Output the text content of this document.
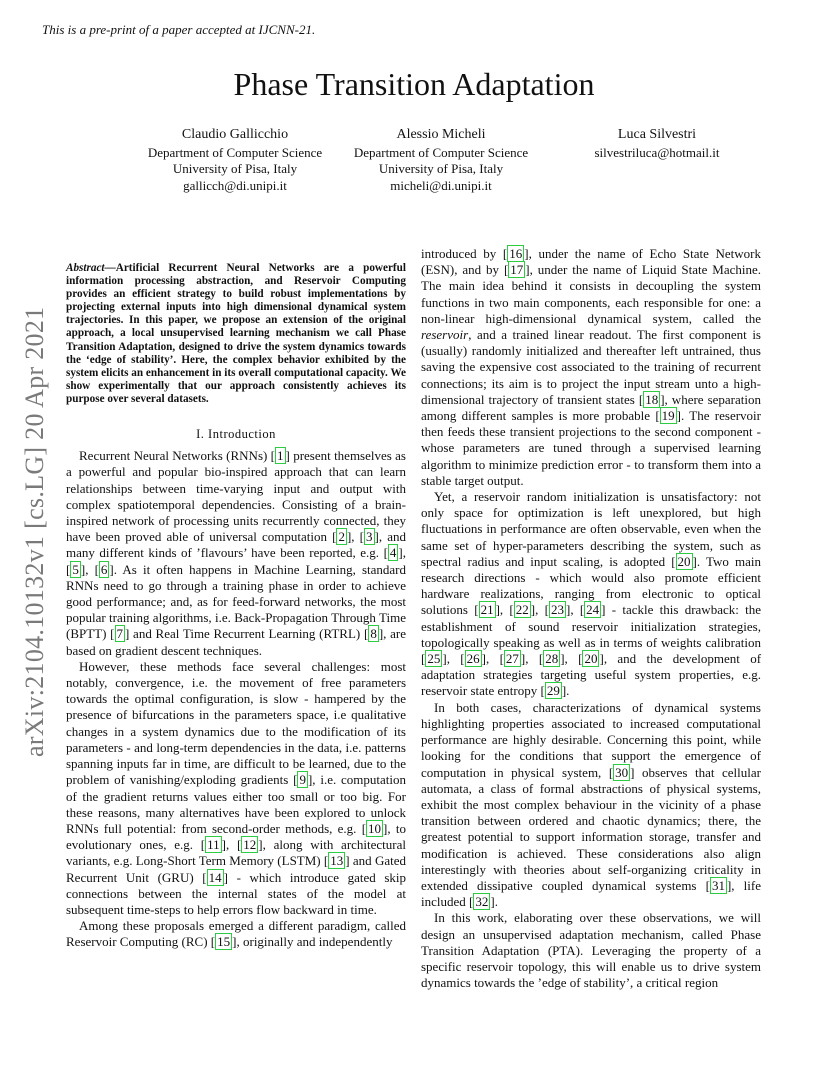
This is a pre-print of a paper accepted at IJCNN-21.
arXiv:2104.10132v1 [cs.LG] 20 Apr 2021
Phase Transition Adaptation
Claudio Gallicchio
Department of Computer Science
University of Pisa, Italy
gallicch@di.unipi.it
Alessio Micheli
Department of Computer Science
University of Pisa, Italy
micheli@di.unipi.it
Luca Silvestri
silvestriluca@hotmail.it
Abstract—Artificial Recurrent Neural Networks are a powerful information processing abstraction, and Reservoir Computing provides an efficient strategy to build robust implementations by projecting external inputs into high dimensional dynamical system trajectories. In this paper, we propose an extension of the original approach, a local unsupervised learning mechanism we call Phase Transition Adaptation, designed to drive the system dynamics towards the ‘edge of stability’. Here, the complex behavior exhibited by the system elicits an enhancement in its overall computational capacity. We show experimentally that our approach consistently achieves its purpose over several datasets.
I. Introduction

Recurrent Neural Networks (RNNs) [ 1 ] present themselves as a powerful and popular bio-inspired approach that can learn relationships between time-varying input and output with complex spatiotemporal dependencies. Consisting of a brain-inspired network of processing units recurrently connected, they have been proved able of universal computation [ 2 ], [ 3 ], and many different kinds of ’flavours’ have been reported, e.g. [ 4 ], [ 5 ], [ 6 ]. As it often happens in Machine Learning, standard RNNs need to go through a training phase in order to achieve good performance; and, as for feed-forward networks, the most popular training algorithms, i.e. Back-Propagation Through Time (BPTT) [ 7 ] and Real Time Recurrent Learning (RTRL) [ 8 ], are based on gradient descent techniques.

However, these methods face several challenges: most notably, convergence, i.e. the movement of free parameters towards the optimal configuration, is slow - hampered by the presence of bifurcations in the parameters space, i.e qualitative changes in a system dynamics due to the modification of its parameters - and long-term dependencies in the data, i.e. patterns spanning inputs far in time, are difficult to be learned, due to the problem of vanishing/exploding gradients [ 9 ], i.e. computation of the gradient returns values either too small or too big. For these reasons, many alternatives have been explored to unlock RNNs full potential: from second-order methods, e.g. [ 10 ], to evolutionary ones, e.g. [ 11 ], [ 12 ], along with architectural variants, e.g. Long-Short Term Memory (LSTM) [ 13 ] and Gated Recurrent Unit (GRU) [ 14 ] - which introduce gated skip connections between the internal states of the model at subsequent time-steps to help errors flow backward in time.

Among these proposals emerged a different paradigm, called Reservoir Computing (RC) [ 15 ], originally and independently

introduced by [ 16 ], under the name of Echo State Network (ESN), and by [ 17 ], under the name of Liquid State Machine. The main idea behind it consists in decoupling the system functions in two main components, each responsible for one: a non-linear high-dimensional dynamical system, called the reservoir, and a trained linear readout. The first component is (usually) randomly initialized and thereafter left untrained, thus saving the expensive cost associated to the training of recurrent connections; its aim is to project the input stream unto a high-dimensional trajectory of transient states [ 18 ], where separation among different samples is more probable [ 19 ]. The reservoir then feeds these transient projections to the second component - whose parameters are tuned through a supervised learning algorithm to minimize prediction error - to transform them into a stable target output.

Yet, a reservoir random initialization is unsatisfactory: not only space for optimization is left unexplored, but high fluctuations in performance are often observable, even when the same set of hyper-parameters describing the system, such as spectral radius and input scaling, is adopted [ 20 ]. Two main research directions - which would also promote efficient hardware realizations, ranging from electronic to optical solutions [ 21 ], [ 22 ], [ 23 ], [ 24 ] - tackle this drawback: the establishment of sound reservoir initialization strategies, topologically speaking as well as in terms of weights calibration [ 25 ], [ 26 ], [ 27 ], [ 28 ], [ 20 ], and the development of adaptation strategies targeting useful system properties, e.g. reservoir state entropy [ 29 ].

In both cases, characterizations of dynamical systems highlighting properties associated to increased computational performance are highly desirable. Concerning this point, while looking for the conditions that support the emergence of computation in physical system, [ 30 ] observes that cellular automata, a class of formal abstractions of physical systems, exhibit the most complex behaviour in the vicinity of a phase transition between ordered and chaotic dynamics; there, the greatest potential to support information storage, transfer and modification is achieved. These considerations also align interestingly with theories about self-organizing criticality in extended dissipative coupled dynamical systems [ 31 ], life included [ 32 ].

In this work, elaborating over these observations, we will design an unsupervised adaptation mechanism, called Phase Transition Adaptation (PTA). Leveraging the property of a specific reservoir topology, this will enable us to drive system dynamics towards the ’edge of stability’, a critical region
